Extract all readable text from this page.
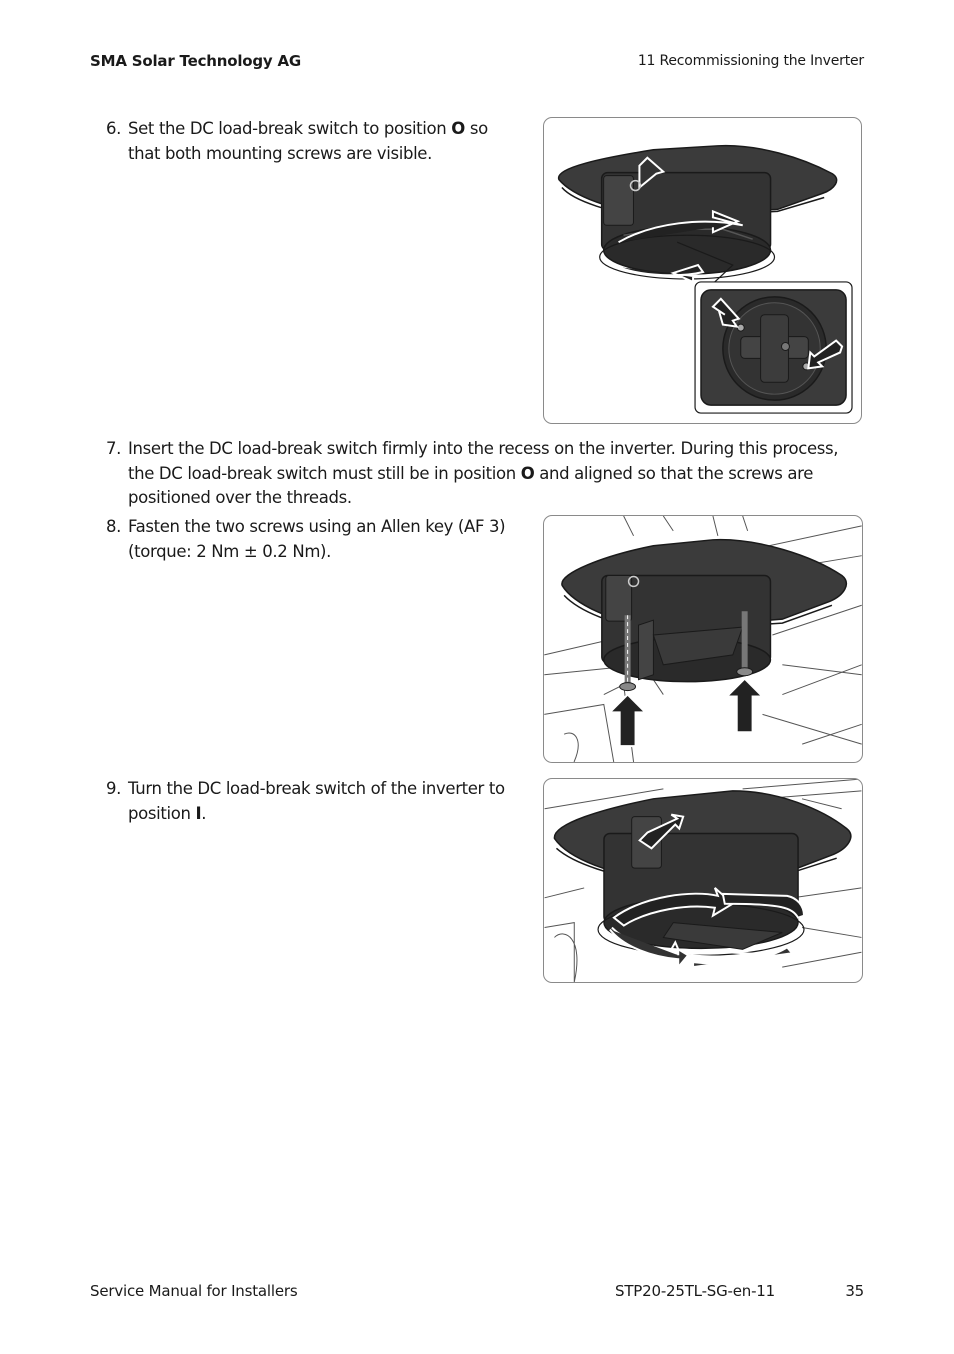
SMA Solar Technology AG	11 Recommissioning the Inverter
6. Set the DC load-break switch to position O so that both mounting screws are visible.
7. Insert the DC load-break switch firmly into the recess on the inverter. During this process, the DC load-break switch must still be in position O and aligned so that the screws are positioned over the threads.
8. Fasten the two screws using an Allen key (AF 3) (torque: 2 Nm ± 0.2 Nm).
9. Turn the DC load-break switch of the inverter to position I.
Service Manual for Installers	STP20-25TL-SG-en-11	35
